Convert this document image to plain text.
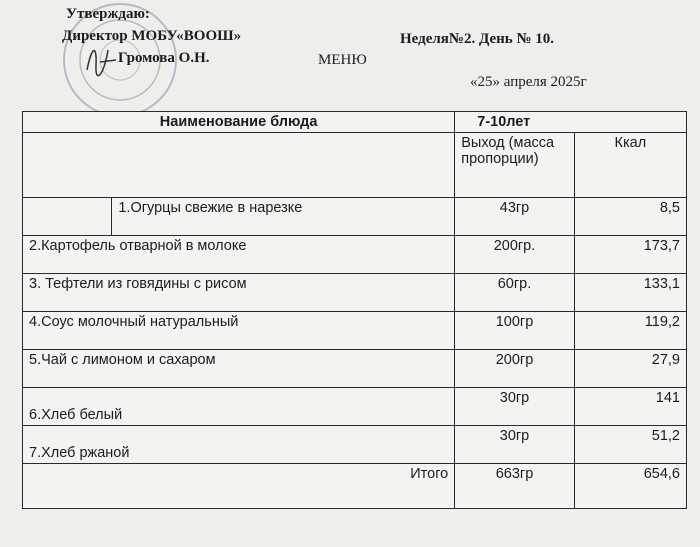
Утверждаю:
Директор МОБУ«ВООШ»
Громова О.Н.
Неделя№2. День № 10.
МЕНЮ
«25» апреля 2025г
Наименование блюда		7-10лет	
		Выход (масса пропорции)	Ккал
	1.Огурцы свежие в нарезке	43гр	8,5
2.Картофель отварной в молоке		200гр.	173,7
3. Тефтели из говядины с рисом		60гр.	133,1
4.Соус молочный натуральный		100гр	119,2
5.Чай с лимоном и сахаром		200гр	27,9
6.Хлеб белый		30гр	141
7.Хлеб ржаной		30гр	51,2
Итого		663гр	654,6
